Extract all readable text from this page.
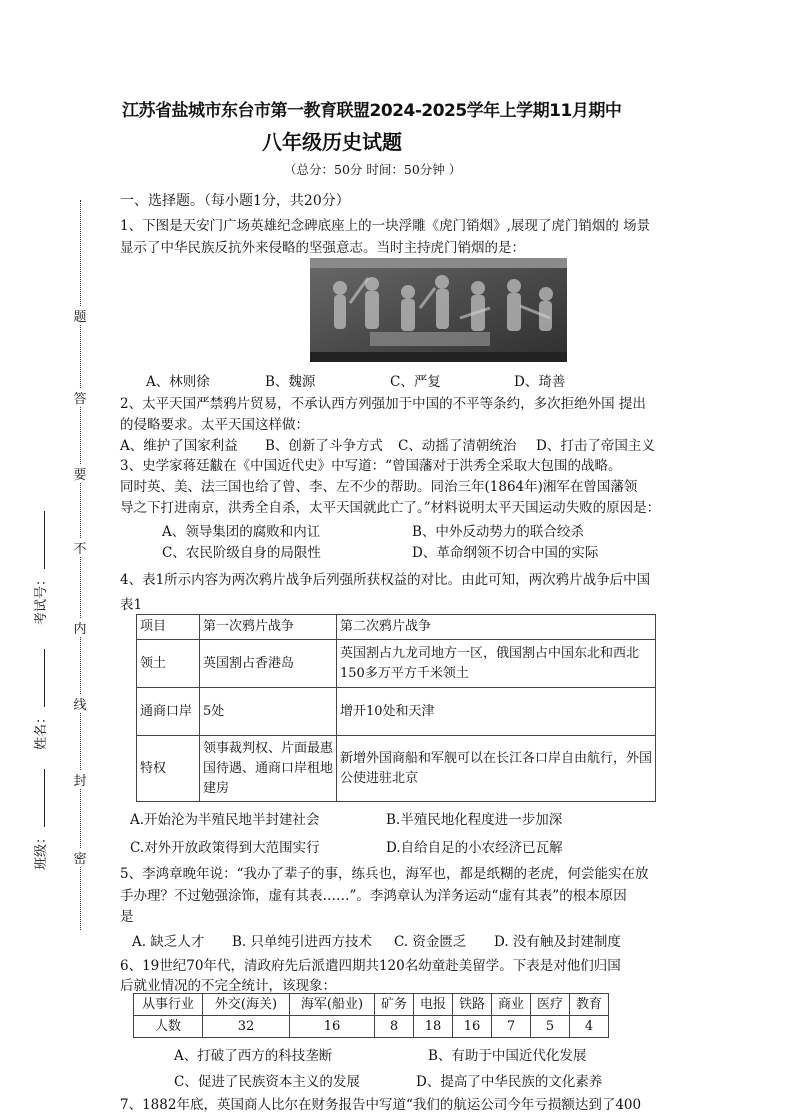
江苏省盐城市东台市第一教育联盟2024-2025学年上学期11月期中
八年级历史试题
（总分：50分 时间：50分钟 ）
一、选择题。（每小题1分，共20分）
题
答
要
不
内
线
封
密
考试号：
姓名：
班级：
1、下图是天安门广场英雄纪念碑底座上的一块浮雕《虎门销烟》,展现了虎门销烟的 场景
显示了中华民族反抗外来侵略的坚强意志。当时主持虎门销烟的是：
A、林则徐	B、魏源	C、严复	D、琦善
2、太平天国严禁鸦片贸易，不承认西方列强加于中国的不平等条约，多次拒绝外国 提出
的侵略要求。太平天国这样做：
A、维护了国家利益 B、创新了斗争方式 C、动摇了清朝统治 D、打击了帝国主义
3、史学家蒋廷黻在《中国近代史》中写道：“曾国藩对于洪秀全采取大包围的战略。
同时英、美、法三国也给了曾、李、左不少的帮助。同治三年(1864年)湘军在曾国藩领
导之下打进南京，洪秀全自杀，太平天国就此亡了。”材料说明太平天国运动失败的原因是：
A、领导集团的腐败和内讧	B、中外反动势力的联合绞杀
C、农民阶级自身的局限性	D、革命纲领不切合中国的实际
4、表1所示内容为两次鸦片战争后列强所获权益的对比。由此可知，两次鸦片战争后中国
表1
项目	第一次鸦片战争	第二次鸦片战争
领土	英国割占香港岛	英国割占九龙司地方一区，俄国割占中国东北和西北150多万平方千米领土
通商口岸	5处	增开10处和天津
特权	领事裁判权、片面最惠国待遇、通商口岸租地建房	新增外国商船和军舰可以在长江各口岸自由航行，外国公使进驻北京
A.开始沦为半殖民地半封建社会	B.半殖民地化程度进一步加深
C.对外开放政策得到大范围实行	D.自给自足的小农经济已瓦解
5、李鸿章晚年说：“我办了辈子的事，练兵也，海军也，都是纸糊的老虎，何尝能实在放
手办理？不过勉强涂饰，虚有其表……”。李鸿章认为洋务运动“虚有其表”的根本原因
是
A. 缺乏人才 B. 只单纯引进西方技术 C. 资金匮乏 D. 没有触及封建制度
6、19世纪70年代，清政府先后派遣四期共120名幼童赴美留学。下表是对他们归国
后就业情况的不完全统计，该现象：
从事行业	外交(海关)	海军(船业)	矿务	电报	铁路	商业	医疗	教育
人数	32	16	8	18	16	7	5	4
A、打破了西方的科技垄断	B、有助于中国近代化发展
C、促进了民族资本主义的发展	D、提高了中华民族的文化素养
7、1882年底，英国商人比尔在财务报告中写道“我们的航运公司今年亏损额达到了400
